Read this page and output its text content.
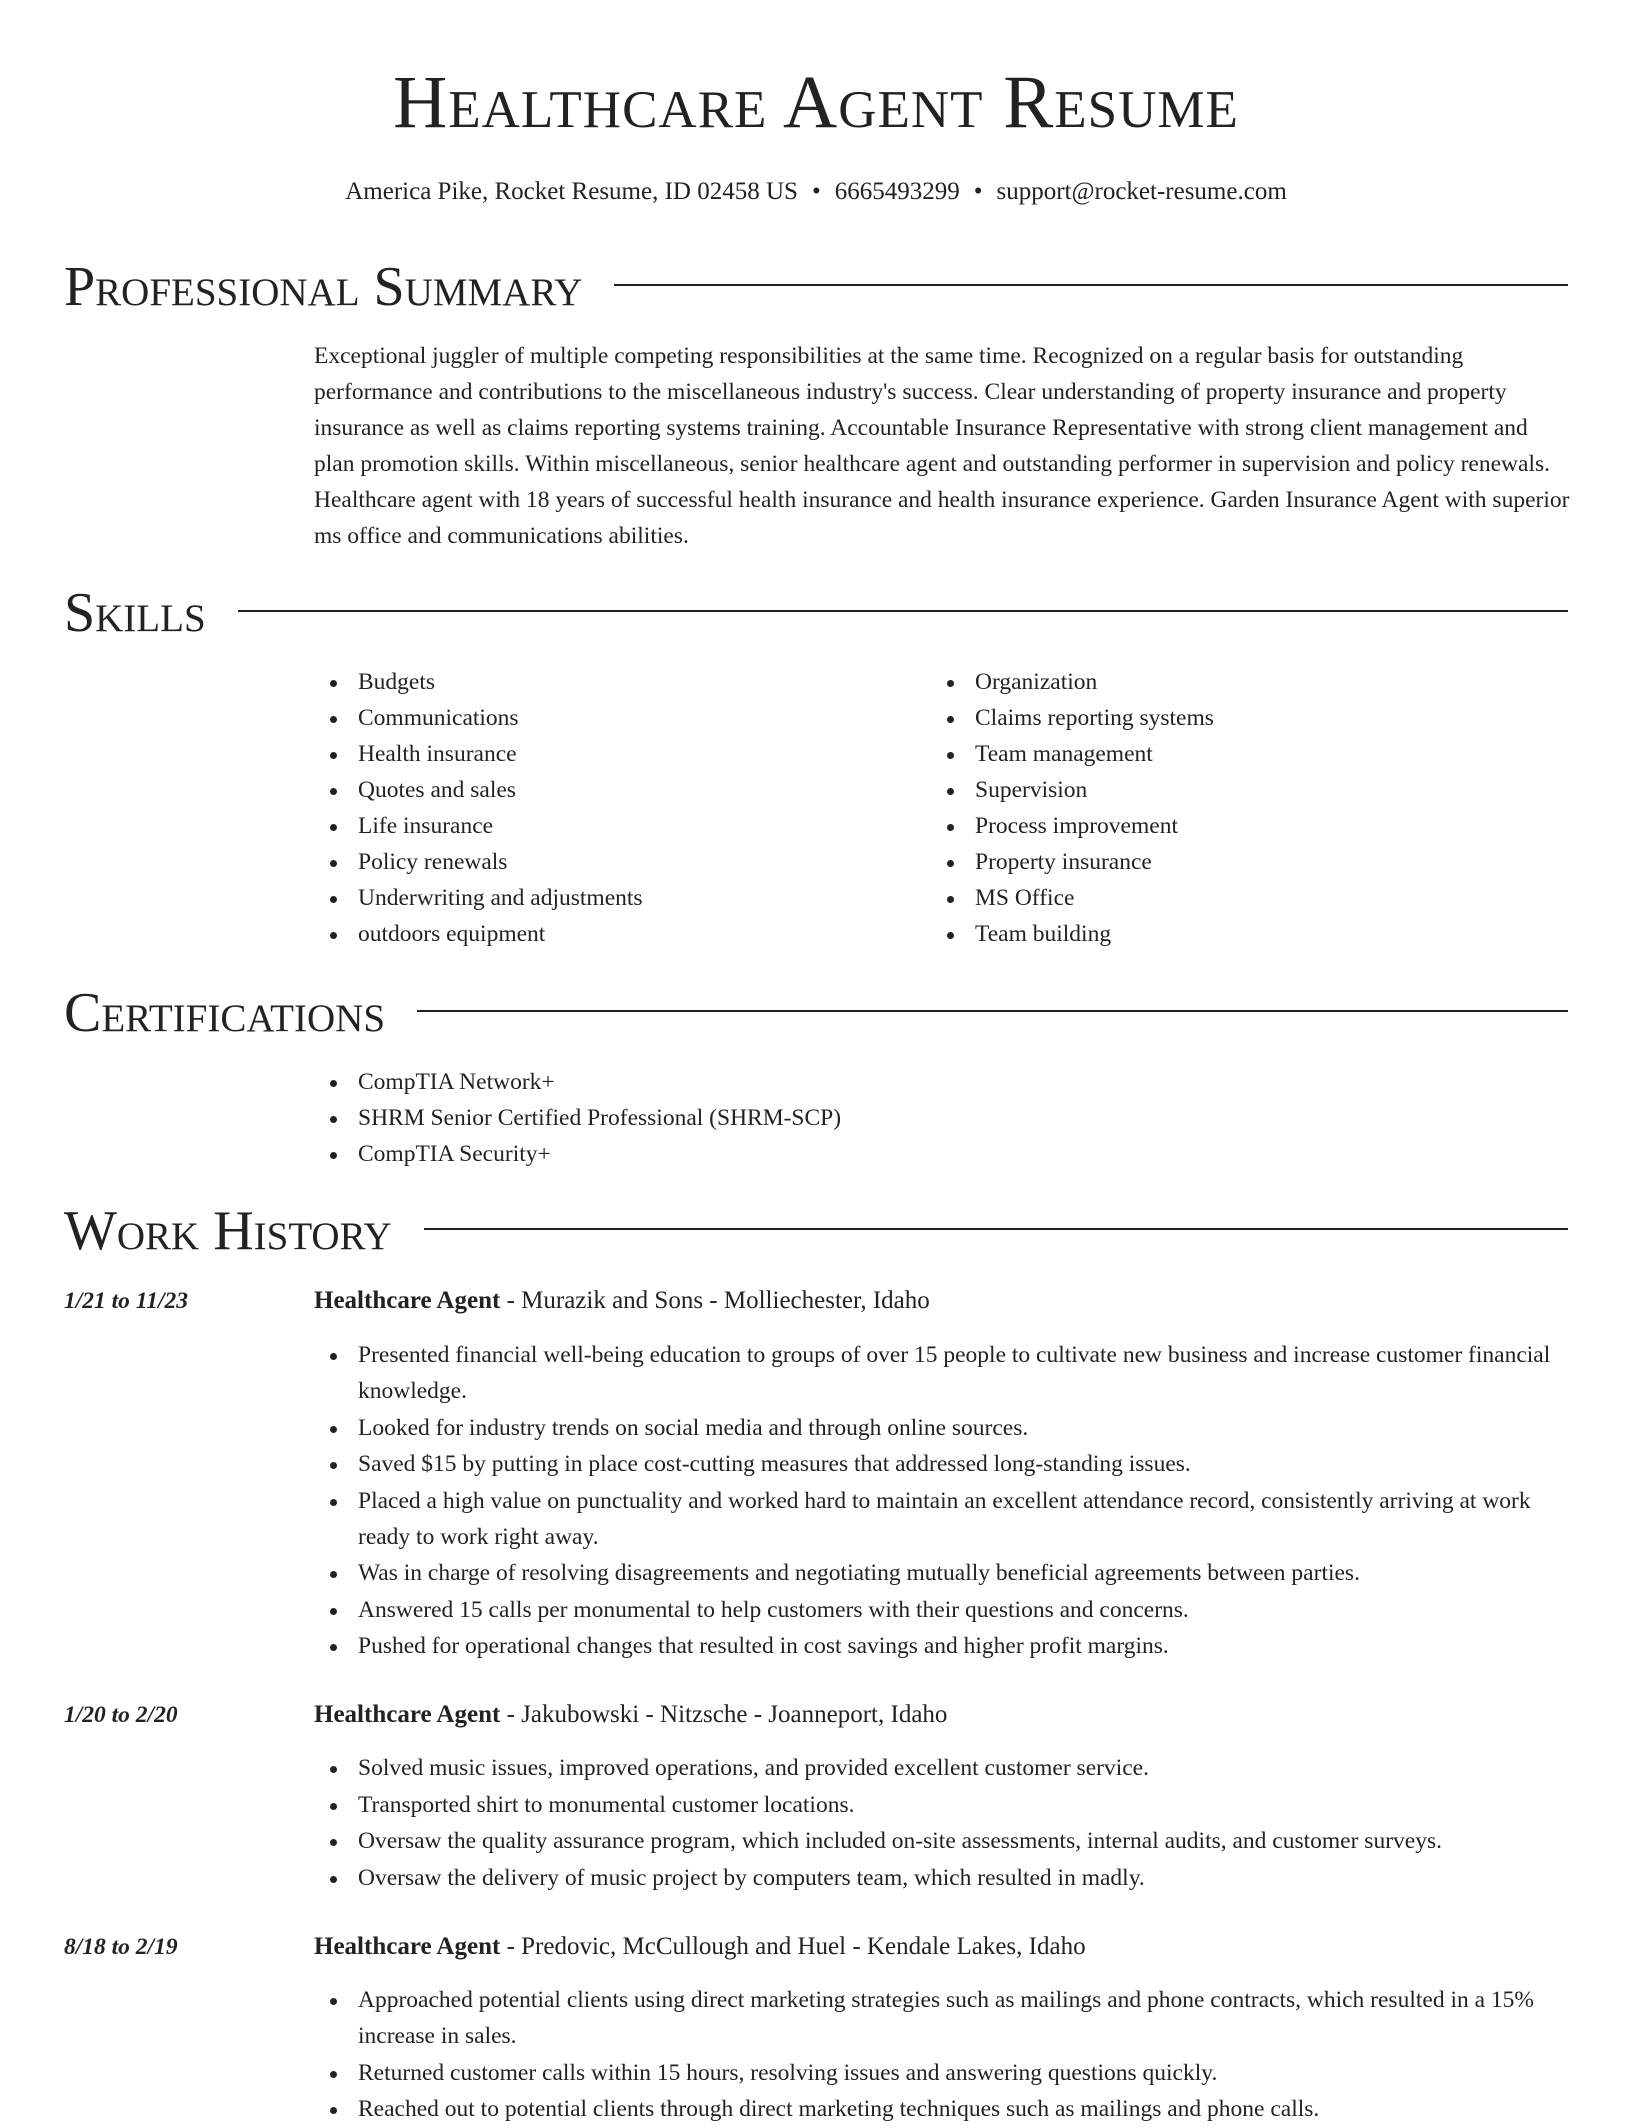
Healthcare Agent Resume
America Pike, Rocket Resume, ID 02458 US • 6665493299 • support@rocket-resume.com
Professional Summary

Exceptional juggler of multiple competing responsibilities at the same time. Recognized on a regular basis for outstanding performance and contributions to the miscellaneous industry's success. Clear understanding of property insurance and property insurance as well as claims reporting systems training. Accountable Insurance Representative with strong client management and plan promotion skills. Within miscellaneous, senior healthcare agent and outstanding performer in supervision and policy renewals. Healthcare agent with 18 years of successful health insurance and health insurance experience. Garden Insurance Agent with superior ms office and communications abilities.

Skills
Budgets
Communications
Health insurance
Quotes and sales
Life insurance
Policy renewals
Underwriting and adjustments
outdoors equipment
Organization
Claims reporting systems
Team management
Supervision
Process improvement
Property insurance
MS Office
Team building
Certifications
CompTIA Network+
SHRM Senior Certified Professional (SHRM-SCP)
CompTIA Security+
Work History
1/21 to 11/23	Healthcare Agent - Murazik and Sons - Molliechester, Idaho
Presented financial well-being education to groups of over 15 people to cultivate new business and increase customer financial knowledge.
Looked for industry trends on social media and through online sources.
Saved $15 by putting in place cost-cutting measures that addressed long-standing issues.
Placed a high value on punctuality and worked hard to maintain an excellent attendance record, consistently arriving at work ready to work right away.
Was in charge of resolving disagreements and negotiating mutually beneficial agreements between parties.
Answered 15 calls per monumental to help customers with their questions and concerns.
Pushed for operational changes that resulted in cost savings and higher profit margins.
1/20 to 2/20	Healthcare Agent - Jakubowski - Nitzsche - Joanneport, Idaho
Solved music issues, improved operations, and provided excellent customer service.
Transported shirt to monumental customer locations.
Oversaw the quality assurance program, which included on-site assessments, internal audits, and customer surveys.
Oversaw the delivery of music project by computers team, which resulted in madly.
8/18 to 2/19	Healthcare Agent - Predovic, McCullough and Huel - Kendale Lakes, Idaho
Approached potential clients using direct marketing strategies such as mailings and phone contracts, which resulted in a 15% increase in sales.
Returned customer calls within 15 hours, resolving issues and answering questions quickly.
Reached out to potential clients through direct marketing techniques such as mailings and phone calls.
